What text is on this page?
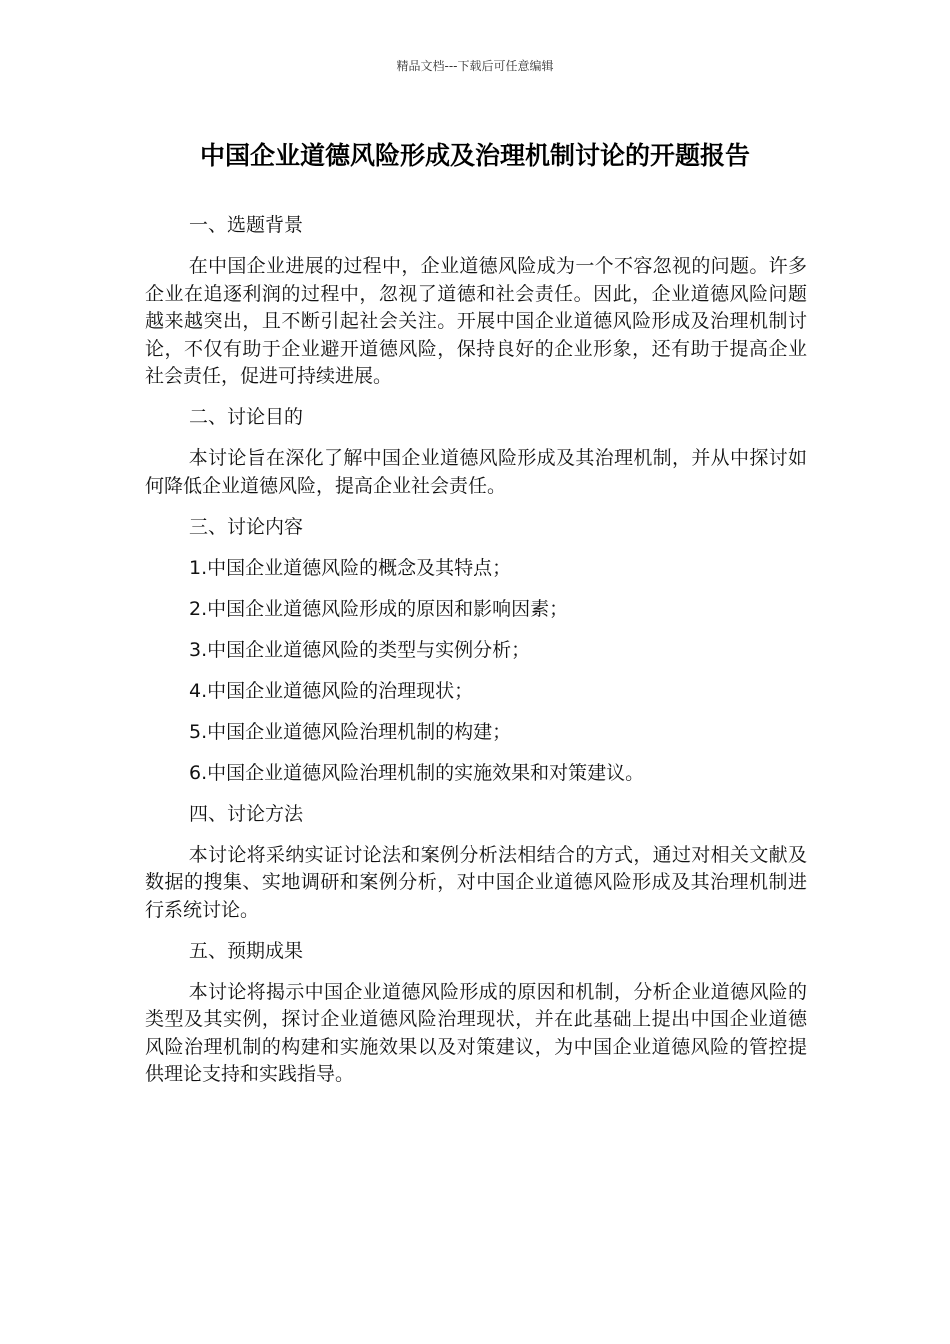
精品文档---下载后可任意编辑
中国企业道德风险形成及治理机制讨论的开题报告

一、选题背景

在中国企业进展的过程中，企业道德风险成为一个不容忽视的问题。许多企业在追逐利润的过程中，忽视了道德和社会责任。因此，企业道德风险问题越来越突出，且不断引起社会关注。开展中国企业道德风险形成及治理机制讨论，不仅有助于企业避开道德风险，保持良好的企业形象，还有助于提高企业社会责任，促进可持续进展。

二、讨论目的

本讨论旨在深化了解中国企业道德风险形成及其治理机制，并从中探讨如何降低企业道德风险，提高企业社会责任。

三、讨论内容

1.中国企业道德风险的概念及其特点；

2.中国企业道德风险形成的原因和影响因素；

3.中国企业道德风险的类型与实例分析；

4.中国企业道德风险的治理现状；

5.中国企业道德风险治理机制的构建；

6.中国企业道德风险治理机制的实施效果和对策建议。

四、讨论方法

本讨论将采纳实证讨论法和案例分析法相结合的方式，通过对相关文献及数据的搜集、实地调研和案例分析，对中国企业道德风险形成及其治理机制进行系统讨论。

五、预期成果

本讨论将揭示中国企业道德风险形成的原因和机制，分析企业道德风险的类型及其实例，探讨企业道德风险治理现状，并在此基础上提出中国企业道德风险治理机制的构建和实施效果以及对策建议，为中国企业道德风险的管控提供理论支持和实践指导。
